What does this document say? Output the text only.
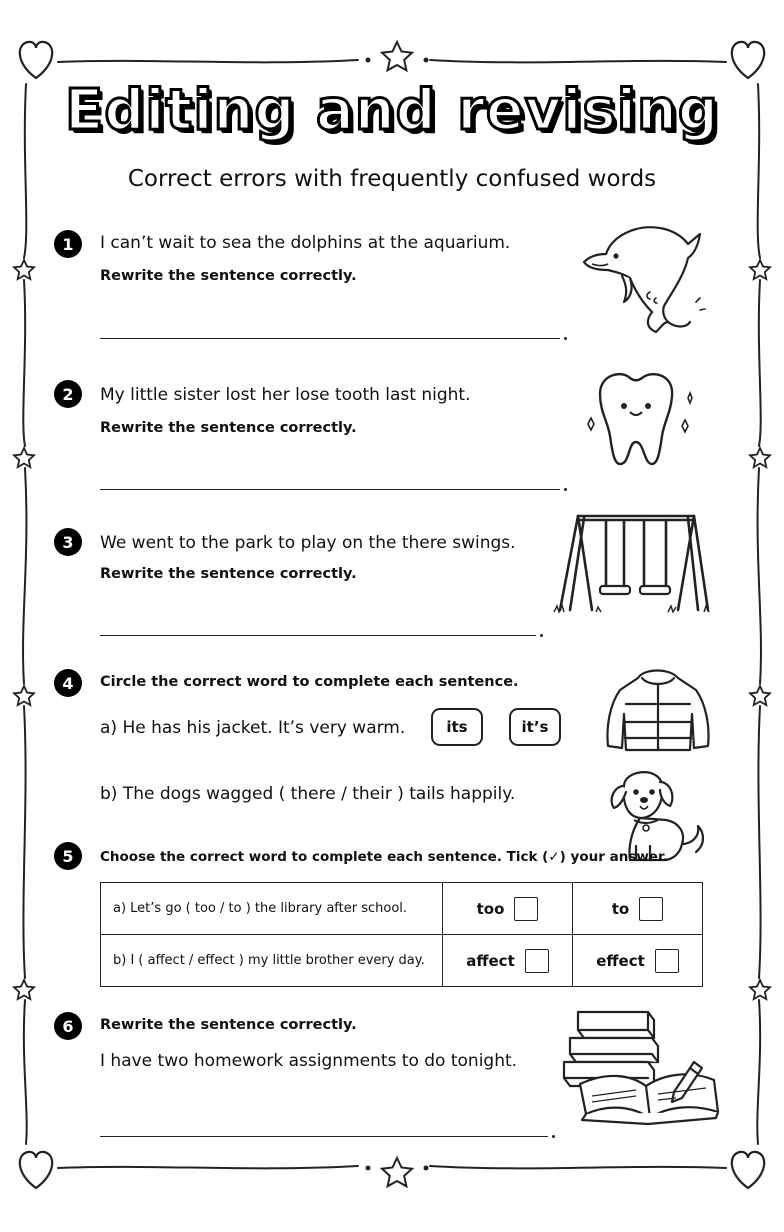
Editing and revising
Correct errors with frequently confused words
1	I can’t wait to sea the dolphins at the aquarium.
Rewrite the sentence correctly.
2	My little sister lost her lose tooth last night.
Rewrite the sentence correctly.
3	We went to the park to play on the there swings.
Rewrite the sentence correctly.
4	Circle the correct word to complete each sentence.
a) He has his jacket. It’s very warm.	its	it’s
b) The dogs wagged ( there / their ) tails happily.
5	Choose the correct word to complete each sentence. Tick (✓) your answer.
a) Let’s go ( too / to ) the library after school.	too	to

b) I ( affect / effect ) my little brother every day.	affect	effect
6	Rewrite the sentence correctly.
I have two homework assignments to do tonight.
